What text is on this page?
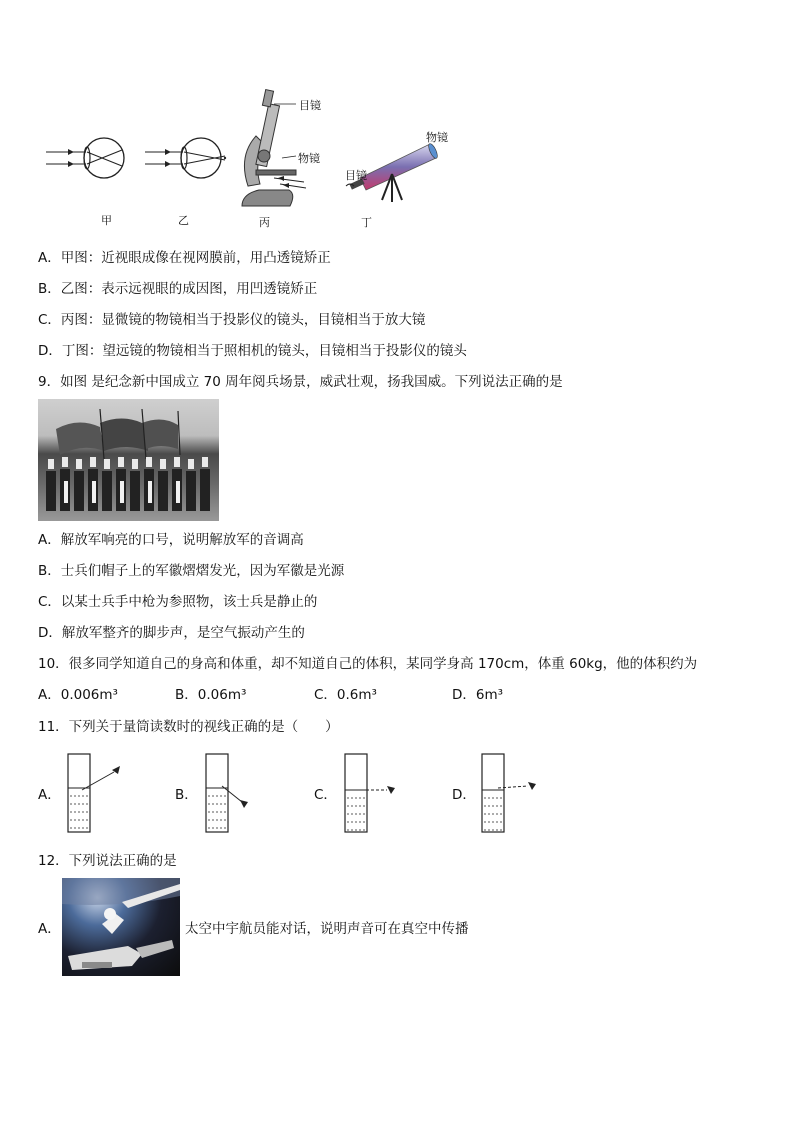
甲	乙
目镜
物镜
丙
物镜
目镜
丁
A．甲图：近视眼成像在视网膜前，用凸透镜矫正
B．乙图：表示远视眼的成因图，用凹透镜矫正
C．丙图：显微镜的物镜相当于投影仪的镜头，目镜相当于放大镜
D．丁图：望远镜的物镜相当于照相机的镜头，目镜相当于投影仪的镜头
9．如图 是纪念新中国成立 70 周年阅兵场景，威武壮观，扬我国威。下列说法正确的是
A．解放军响亮的口号，说明解放军的音调高
B．士兵们帽子上的军徽熠熠发光，因为军徽是光源
C．以某士兵手中枪为参照物，该士兵是静止的
D．解放军整齐的脚步声，是空气振动产生的
10．很多同学知道自己的身高和体重，却不知道自己的体积，某同学身高 170cm，体重 60kg，他的体积约为
A．0.006m³	B．0.06m³	C．0.6m³	D．6m³
11．下列关于量筒读数时的视线正确的是（　　）
A．	B．	C．	D．
12．下列说法正确的是
A．	太空中宇航员能对话，说明声音可在真空中传播
